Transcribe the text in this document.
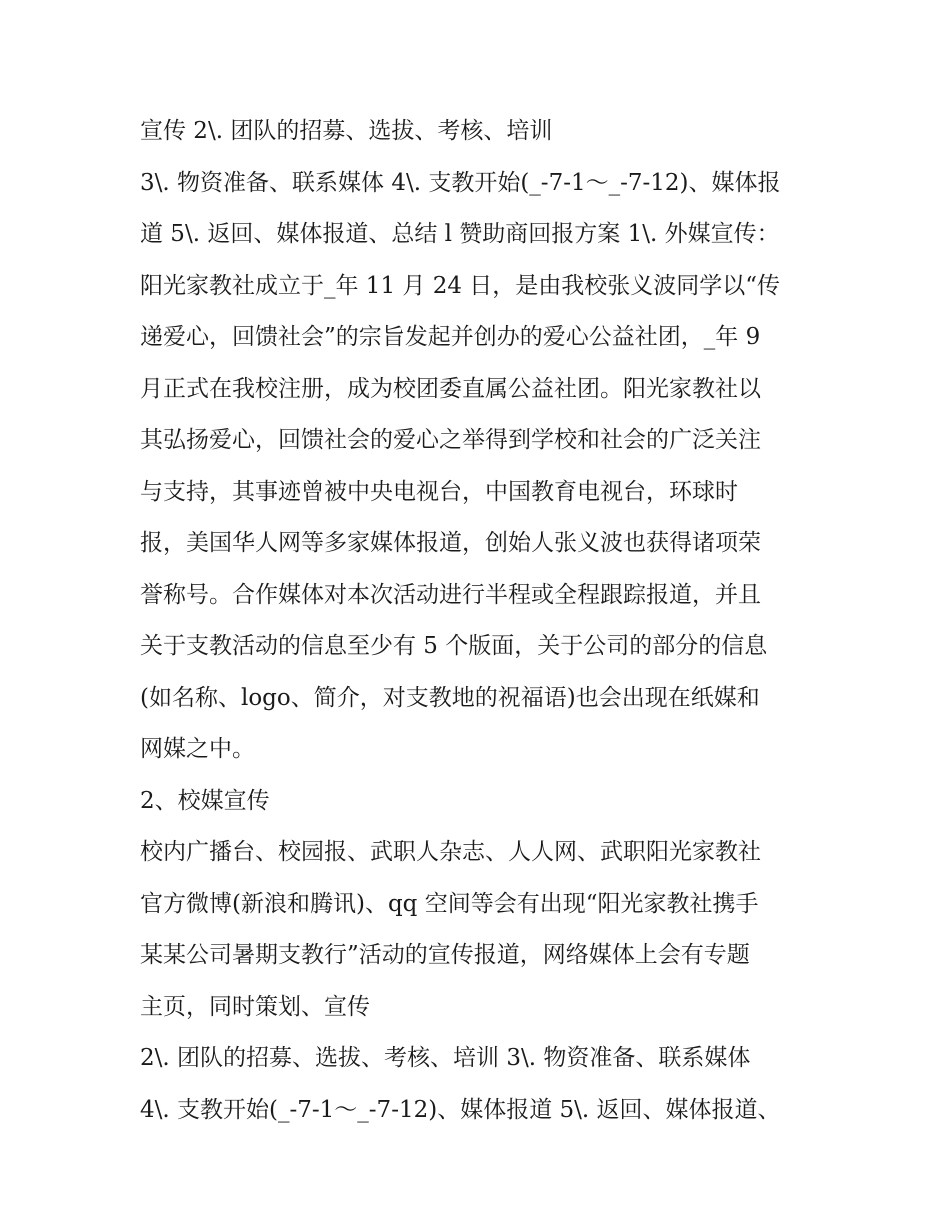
宣传 2\. 团队的招募、选拔、考核、培训
3\. 物资准备、联系媒体 4\. 支教开始(_-7-1～_-7-12)、媒体报
道 5\. 返回、媒体报道、总结 l 赞助商回报方案 1\. 外媒宣传：
阳光家教社成立于_年 11 月 24 日，是由我校张义波同学以“传
递爱心，回馈社会”的宗旨发起并创办的爱心公益社团，_年 9
月正式在我校注册，成为校团委直属公益社团。阳光家教社以
其弘扬爱心，回馈社会的爱心之举得到学校和社会的广泛关注
与支持，其事迹曾被中央电视台，中国教育电视台，环球时
报，美国华人网等多家媒体报道，创始人张义波也获得诸项荣
誉称号。合作媒体对本次活动进行半程或全程跟踪报道，并且
关于支教活动的信息至少有 5 个版面，关于公司的部分的信息
(如名称、logo、简介，对支教地的祝福语)也会出现在纸媒和
网媒之中。
2、校媒宣传
校内广播台、校园报、武职人杂志、人人网、武职阳光家教社
官方微博(新浪和腾讯)、qq 空间等会有出现“阳光家教社携手
某某公司暑期支教行”活动的宣传报道，网络媒体上会有专题
主页，同时策划、宣传
2\. 团队的招募、选拔、考核、培训 3\. 物资准备、联系媒体
4\. 支教开始(_-7-1～_-7-12)、媒体报道 5\. 返回、媒体报道、
